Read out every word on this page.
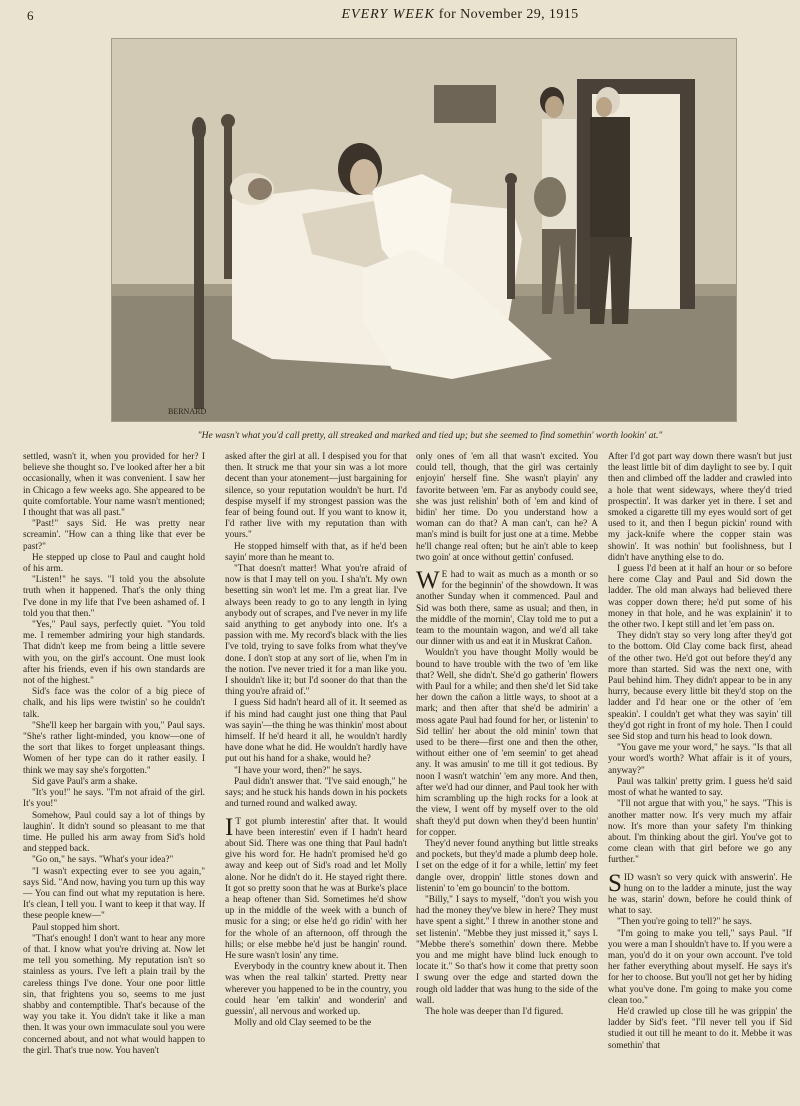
6	EVERY WEEK for November 29, 1915
BERNARD
"He wasn't what you'd call pretty, all streaked and marked and tied up; but she seemed to find somethin' worth lookin' at."

settled, wasn't it, when you provided for her? I believe she thought so. I've looked after her a bit occasionally, when it was convenient. I saw her in Chicago a few weeks ago. She appeared to be quite comfortable. Your name wasn't mentioned; I thought that was all past."

"Past!" says Sid. He was pretty near screamin'. "How can a thing like that ever be past?"

He stepped up close to Paul and caught hold of his arm.

"Listen!" he says. "I told you the absolute truth when it happened. That's the only thing I've done in my life that I've been ashamed of. I told you that then."

"Yes," Paul says, perfectly quiet. "You told me. I remember admiring your high standards. That didn't keep me from being a little severe with you, on the girl's account. One must look after his friends, even if his own standards are not of the highest."

Sid's face was the color of a big piece of chalk, and his lips were twistin' so he couldn't talk.

"She'll keep her bargain with you," Paul says. "She's rather light-minded, you know—one of the sort that likes to forget unpleasant things. Women of her type can do it rather easily. I think we may say she's forgotten."

Sid gave Paul's arm a shake.

"It's you!" he says. "I'm not afraid of the girl. It's you!"

Somehow, Paul could say a lot of things by laughin'. It didn't sound so pleasant to me that time. He pulled his arm away from Sid's hold and stepped back.

"Go on," he says. "What's your idea?"

"I wasn't expecting ever to see you again," says Sid. "And now, having you turn up this way— You can find out what my reputation is here. It's clean, I tell you. I want to keep it that way. If these people knew—"

Paul stopped him short.

"That's enough! I don't want to hear any more of that. I know what you're driving at. Now let me tell you something. My reputation isn't so stainless as yours. I've left a plain trail by the careless things I've done. Your one poor little sin, that frightens you so, seems to me just shabby and contemptible. That's because of the way you take it. You didn't take it like a man then. It was your own immaculate soul you were concerned about, and not what would happen to the girl. That's true now. You haven't

asked after the girl at all. I despised you for that then. It struck me that your sin was a lot more decent than your atonement—just bargaining for silence, so your reputation wouldn't be hurt. I'd despise myself if my strongest passion was the fear of being found out. If you want to know it, I'd rather live with my reputation than with yours."

He stopped himself with that, as if he'd been sayin' more than he meant to.

"That doesn't matter! What you're afraid of now is that I may tell on you. I sha'n't. My own besetting sin won't let me. I'm a great liar. I've always been ready to go to any length in lying anybody out of scrapes, and I've never in my life said anything to get anybody into one. It's a passion with me. My record's black with the lies I've told, trying to save folks from what they've done. I don't stop at any sort of lie, when I'm in the notion. I've never tried it for a man like you. I shouldn't like it; but I'd sooner do that than the thing you're afraid of."

I guess Sid hadn't heard all of it. It seemed as if his mind had caught just one thing that Paul was sayin'—the thing he was thinkin' most about himself. If he'd heard it all, he wouldn't hardly have done what he did. He wouldn't hardly have put out his hand for a shake, would he?

"I have your word, then?" he says.

Paul didn't answer that. "I've said enough," he says; and he stuck his hands down in his pockets and turned round and walked away.

IT got plumb interestin' after that. It would have been interestin' even if I hadn't heard about Sid. There was one thing that Paul hadn't give his word for. He hadn't promised he'd go away and keep out of Sid's road and let Molly alone. Nor he didn't do it. He stayed right there. It got so pretty soon that he was at Burke's place a heap oftener than Sid. Sometimes he'd show up in the middle of the week with a bunch of music for a sing; or else he'd go ridin' with her for the whole of an afternoon, off through the hills; or else mebbe he'd just be hangin' round. He sure wasn't losin' any time.

Everybody in the country knew about it. Then was when the real talkin' started. Pretty near wherever you happened to be in the country, you could hear 'em talkin' and wonderin' and guessin', all nervous and worked up.

Molly and old Clay seemed to be the

only ones of 'em all that wasn't excited. You could tell, though, that the girl was certainly enjoyin' herself fine. She wasn't playin' any favorite between 'em. Far as anybody could see, she was just relishin' both of 'em and kind of bidin' her time. Do you understand how a woman can do that? A man can't, can he? A man's mind is built for just one at a time. Mebbe he'll change real often; but he ain't able to keep two goin' at once without gettin' confused.

WE had to wait as much as a month or so for the beginnin' of the showdown. It was another Sunday when it commenced. Paul and Sid was both there, same as usual; and then, in the middle of the mornin', Clay told me to put a team to the mountain wagon, and we'd all take our dinner with us and eat it in Muskrat Cañon.

Wouldn't you have thought Molly would be bound to have trouble with the two of 'em like that? Well, she didn't. She'd go gatherin' flowers with Paul for a while; and then she'd let Sid take her down the cañon a little ways, to shoot at a mark; and then after that she'd be admirin' a moss agate Paul had found for her, or listenin' to Sid tellin' her about the old minin' town that used to be there—first one and then the other, without either one of 'em seemin' to get ahead any. It was amusin' to me till it got tedious. By noon I wasn't watchin' 'em any more. And then, after we'd had our dinner, and Paul took her with him scrambling up the high rocks for a look at the view, I went off by myself over to the old shaft they'd put down when they'd been huntin' for copper.

They'd never found anything but little streaks and pockets, but they'd made a plumb deep hole. I set on the edge of it for a while, lettin' my feet dangle over, droppin' little stones down and listenin' to 'em go bouncin' to the bottom.

"Billy," I says to myself, "don't you wish you had the money they've blew in here? They must have spent a sight." I threw in another stone and set listenin'. "Mebbe they just missed it," says I. "Mebbe there's somethin' down there. Mebbe you and me might have blind luck enough to locate it." So that's how it come that pretty soon I swung over the edge and started down the rough old ladder that was hung to the side of the wall.

The hole was deeper than I'd figured.

After I'd got part way down there wasn't but just the least little bit of dim daylight to see by. I quit then and climbed off the ladder and crawled into a hole that went sideways, where they'd tried prospectin'. It was darker yet in there. I set and smoked a cigarette till my eyes would sort of get used to it, and then I begun pickin' round with my jack-knife where the copper stain was showin'. It was nothin' but foolishness, but I didn't have anything else to do.

I guess I'd been at it half an hour or so before here come Clay and Paul and Sid down the ladder. The old man always had believed there was copper down there; he'd put some of his money in that hole, and he was explainin' it to the other two. I kept still and let 'em pass on.

They didn't stay so very long after they'd got to the bottom. Old Clay come back first, ahead of the other two. He'd got out before they'd any more than started. Sid was the next one, with Paul behind him. They didn't appear to be in any hurry, because every little bit they'd stop on the ladder and I'd hear one or the other of 'em speakin'. I couldn't get what they was sayin' till they'd got right in front of my hole. Then I could see Sid stop and turn his head to look down.

"You gave me your word," he says. "Is that all your word's worth? What affair is it of yours, anyway?"

Paul was talkin' pretty grim. I guess he'd said most of what he wanted to say.

"I'll not argue that with you," he says. "This is another matter now. It's very much my affair now. It's more than your safety I'm thinking about. I'm thinking about the girl. You've got to come clean with that girl before we go any further."

SID wasn't so very quick with answerin'. He hung on to the ladder a minute, just the way he was, starin' down, before he could think of what to say.

"Then you're going to tell?" he says.

"I'm going to make you tell," says Paul. "If you were a man I shouldn't have to. If you were a man, you'd do it on your own account. I've told her father everything about myself. He says it's for her to choose. But you'll not get her by hiding what you've done. I'm going to make you come clean too."

He'd crawled up close till he was grippin' the ladder by Sid's feet. "I'll never tell you if Sid studied it out till he meant to do it. Mebbe it was somethin' that
